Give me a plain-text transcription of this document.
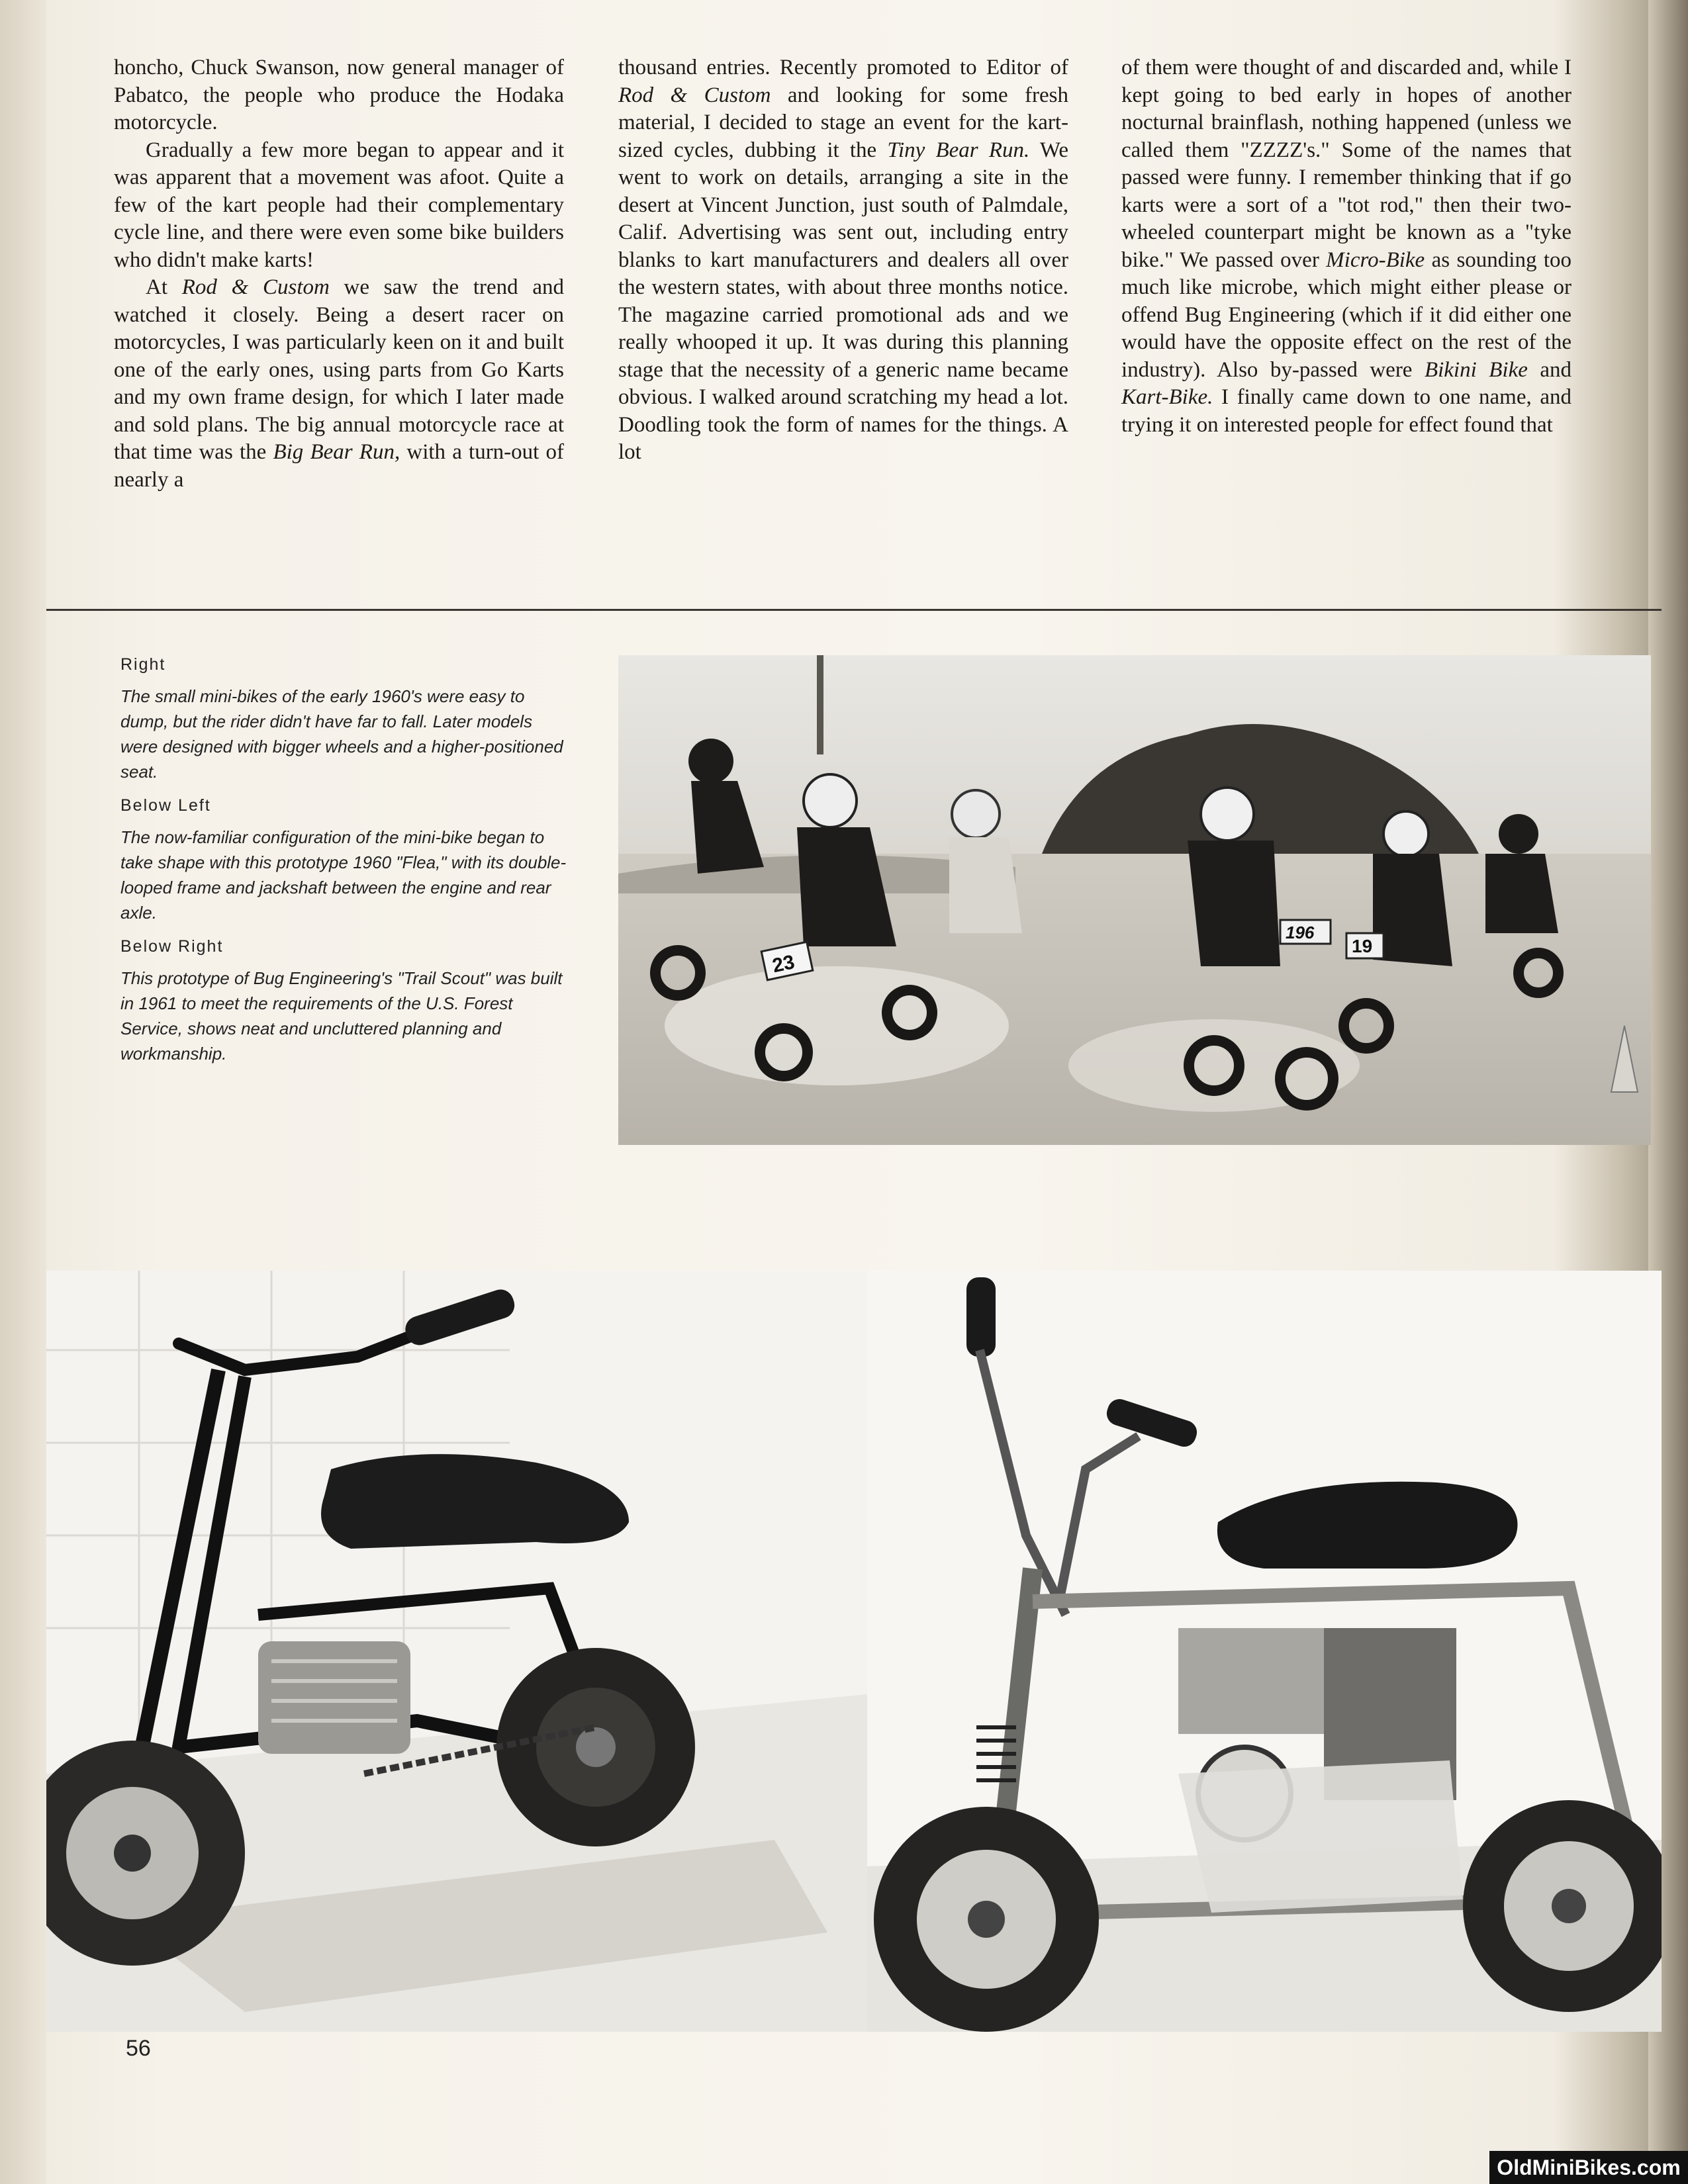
honcho, Chuck Swanson, now general manager of Pabatco, the people who produce the Hodaka motorcycle.

Gradually a few more began to appear and it was apparent that a movement was afoot. Quite a few of the kart people had their complementary cycle line, and there were even some bike builders who didn't make karts!

At Rod & Custom we saw the trend and watched it closely. Being a desert racer on motorcycles, I was particularly keen on it and built one of the early ones, using parts from Go Karts and my own frame design, for which I later made and sold plans. The big annual motorcycle race at that time was the Big Bear Run, with a turn-out of nearly a

thousand entries. Recently promoted to Editor of Rod & Custom and looking for some fresh material, I decided to stage an event for the kart-sized cycles, dubbing it the Tiny Bear Run. We went to work on details, arranging a site in the desert at Vincent Junction, just south of Palmdale, Calif. Advertising was sent out, including entry blanks to kart manufacturers and dealers all over the western states, with about three months notice. The magazine carried promotional ads and we really whooped it up. It was during this planning stage that the necessity of a generic name became obvious. I walked around scratching my head a lot. Doodling took the form of names for the things. A lot

of them were thought of and discarded and, while I kept going to bed early in hopes of another nocturnal brainflash, nothing happened (unless we called them "ZZZZ's." Some of the names that passed were funny. I remember thinking that if go karts were a sort of a "tot rod," then their two-wheeled counterpart might be known as a "tyke bike." We passed over Micro-Bike as sounding too much like microbe, which might either please or offend Bug Engineering (which if it did either one would have the opposite effect on the rest of the industry). Also by-passed were Bikini Bike and Kart-Bike. I finally came down to one name, and trying it on interested people for effect found that

Right
The small mini-bikes of the early 1960's were easy to dump, but the rider didn't have far to fall. Later models were designed with bigger wheels and a higher-positioned seat.
Below Left
The now-familiar configuration of the mini-bike began to take shape with this prototype 1960 "Flea," with its double-looped frame and jackshaft between the engine and rear axle.
Below Right
This prototype of Bug Engineering's "Trail Scout" was built in 1961 to meet the requirements of the U.S. Forest Service, shows neat and uncluttered planning and workmanship.
23
196
19
56
OldMiniBikes.com
